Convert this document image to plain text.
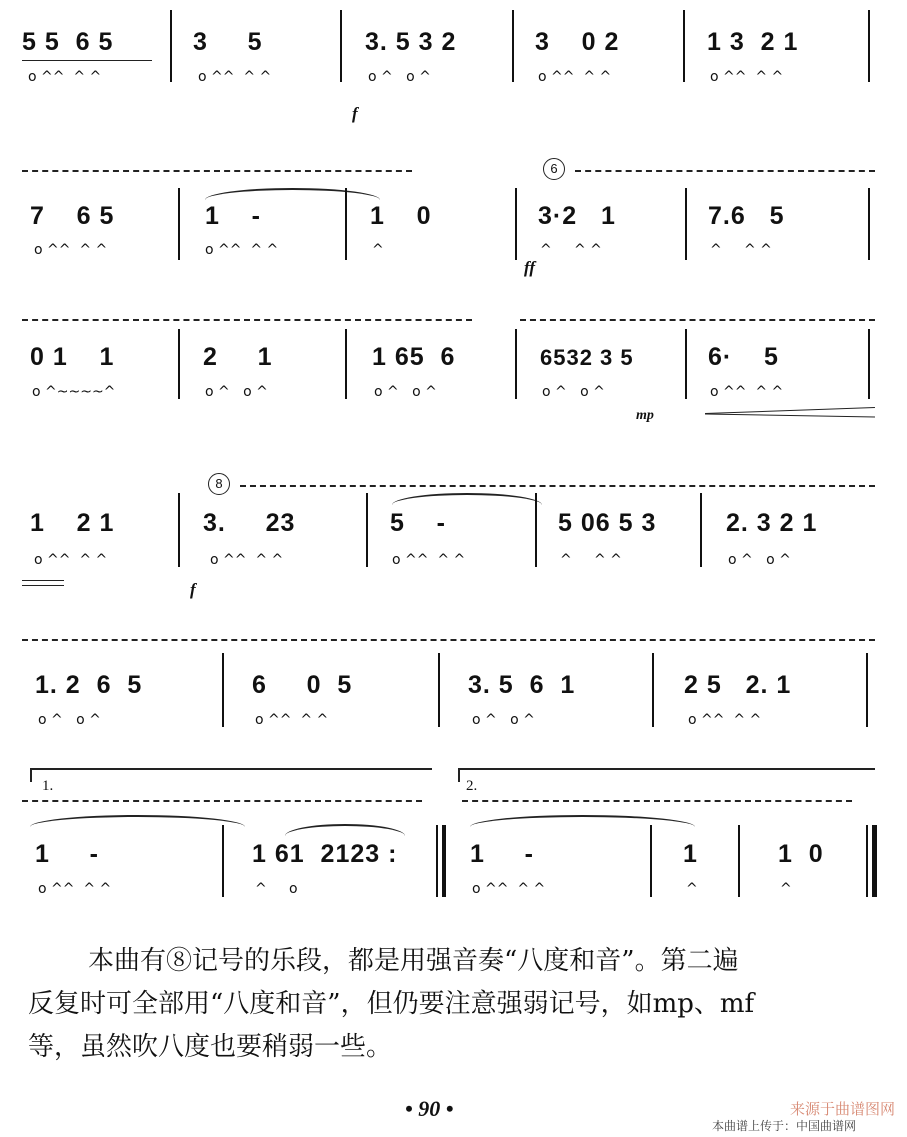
5 5  6 5
o ^^  ^ ^
3     5
o ^^  ^ ^
3. 5 3 2
o ^   o ^
f
3    0 2
o ^^  ^ ^
1 3  2 1
o ^^  ^ ^
6
7    6 5
o ^^  ^ ^
1    -
o ^^  ^ ^
1    0
^
3·2   1
^     ^ ^
ff
7.6   5
^     ^ ^
0 1    1
o ^~~~~^
2     1
o ^   o ^
1 65  6
o ^   o ^
6532 3 5
o ^   o ^
mp
6·    5
o ^^  ^ ^
8
1    2 1
o ^^  ^ ^
3.     23
o ^^  ^ ^
f
5    -
o ^^  ^ ^
5 06 5 3
^     ^ ^
2. 3 2 1
o ^   o ^
1. 2  6  5
o ^   o ^
6     0  5
o ^^  ^ ^
3. 5  6  1
o ^   o ^
2 5   2. 1
o ^^  ^ ^
1.	2.
1     -
o ^^  ^ ^
1 61  2123 :
^     o
1     -
o ^^  ^ ^
1
^
1  0
^
本曲有⑧记号的乐段，都是用强音奏“八度和音”。第二遍
反复时可全部用“八度和音”，但仍要注意强弱记号，如mp、mf
等，虽然吹八度也要稍弱一些。
• 90 •	来源于曲谱图网
本曲谱上传于：中国曲谱网
